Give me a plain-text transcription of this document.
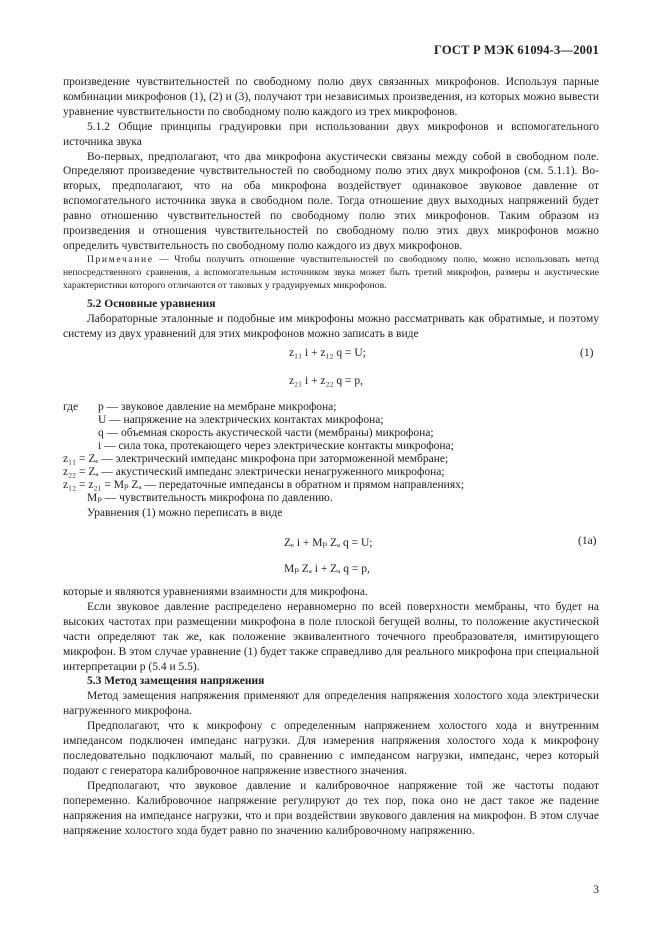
ГОСТ Р МЭК 61094-3—2001

произведение чувствительностей по свободному полю двух связанных микрофонов. Используя парные комбинации микрофонов (1), (2) и (3), получают три независимых произведения, из которых можно вывести уравнение чувствительности по свободному полю каждого из трех микрофонов.

5.1.2 Общие принципы градуировки при использовании двух микрофонов и вспомогательного источника звука

Во-первых, предполагают, что два микрофона акустически связаны между собой в свободном поле. Определяют произведение чувствительностей по свободному полю этих двух микрофонов (см. 5.1.1). Во-вторых, предполагают, что на оба микрофона воздействует одинаковое звуковое давление от вспомогательного источника звука в свободном поле. Тогда отношение двух выходных напряжений будет равно отношению чувствительностей по свободному полю этих микрофонов. Таким образом из произведения и отношения чувствительностей по свободному полю этих двух микрофонов можно определить чувствительность по свободному полю каждого из двух микрофонов.

Примечание — Чтобы получить отношение чувствительностей по свободному полю, можно использовать метод непосредственного сравнения, а вспомогательным источником звука может быть третий микрофон, размеры и акустические характеристики которого отличаются от таковых у градуируемых микрофонов.

5.2 Основные уравнения

Лабораторные эталонные и подобные им микрофоны можно рассматривать как обратимые, и поэтому систему из двух уравнений для этих микрофонов можно записать в виде

z₁₁ i + z₁₂ q = U;	(1)
z₂₁ i + z₂₂ q = p,
где p — звуковое давление на мембране микрофона;
U — напряжение на электрических контактах микрофона;
q — объемная скорость акустической части (мембраны) микрофона;
i — сила тока, протекающего через электрические контакты микрофона;
z₁₁ = Zₑ — электрический импеданс микрофона при заторможенной мембране;
z₂₂ = Zₐ — акустический импеданс электрически ненагруженного микрофона;
z₁₂ = z₂₁ = Mₚ Zₐ — передаточные импедансы в обратном и прямом направлениях;
Mₚ — чувствительность микрофона по давлению.
Уравнения (1) можно переписать в виде
Zₑ i + Mₚ Zₐ q = U;	(1a)
Mₚ Zₐ i + Zₐ q = p,

которые и являются уравнениями взаимности для микрофона.

Если звуковое давление распределено неравномерно по всей поверхности мембраны, что будет на высоких частотах при размещении микрофона в поле плоской бегущей волны, то положение акустической части определяют так же, как положение эквивалентного точечного преобразователя, имитирующего микрофон. В этом случае уравнение (1) будет также справедливо для реального микрофона при специальной интерпретации p (5.4 и 5.5).

5.3 Метод замещения напряжения

Метод замещения напряжения применяют для определения напряжения холостого хода электрически нагруженного микрофона.

Предполагают, что к микрофону с определенным напряжением холостого хода и внутренним импедансом подключен импеданс нагрузки. Для измерения напряжения холостого хода к микрофону последовательно подключают малый, по сравнению с импедансом нагрузки, импеданс, через который подают с генератора калибровочное напряжение известного значения.

Предполагают, что звуковое давление и калибровочное напряжение той же частоты подают попеременно. Калибровочное напряжение регулируют до тех пор, пока оно не даст такое же падение напряжения на импедансе нагрузки, что и при воздействии звукового давления на микрофон. В этом случае напряжение холостого хода будет равно по значению калибровочному напряжению.

3
